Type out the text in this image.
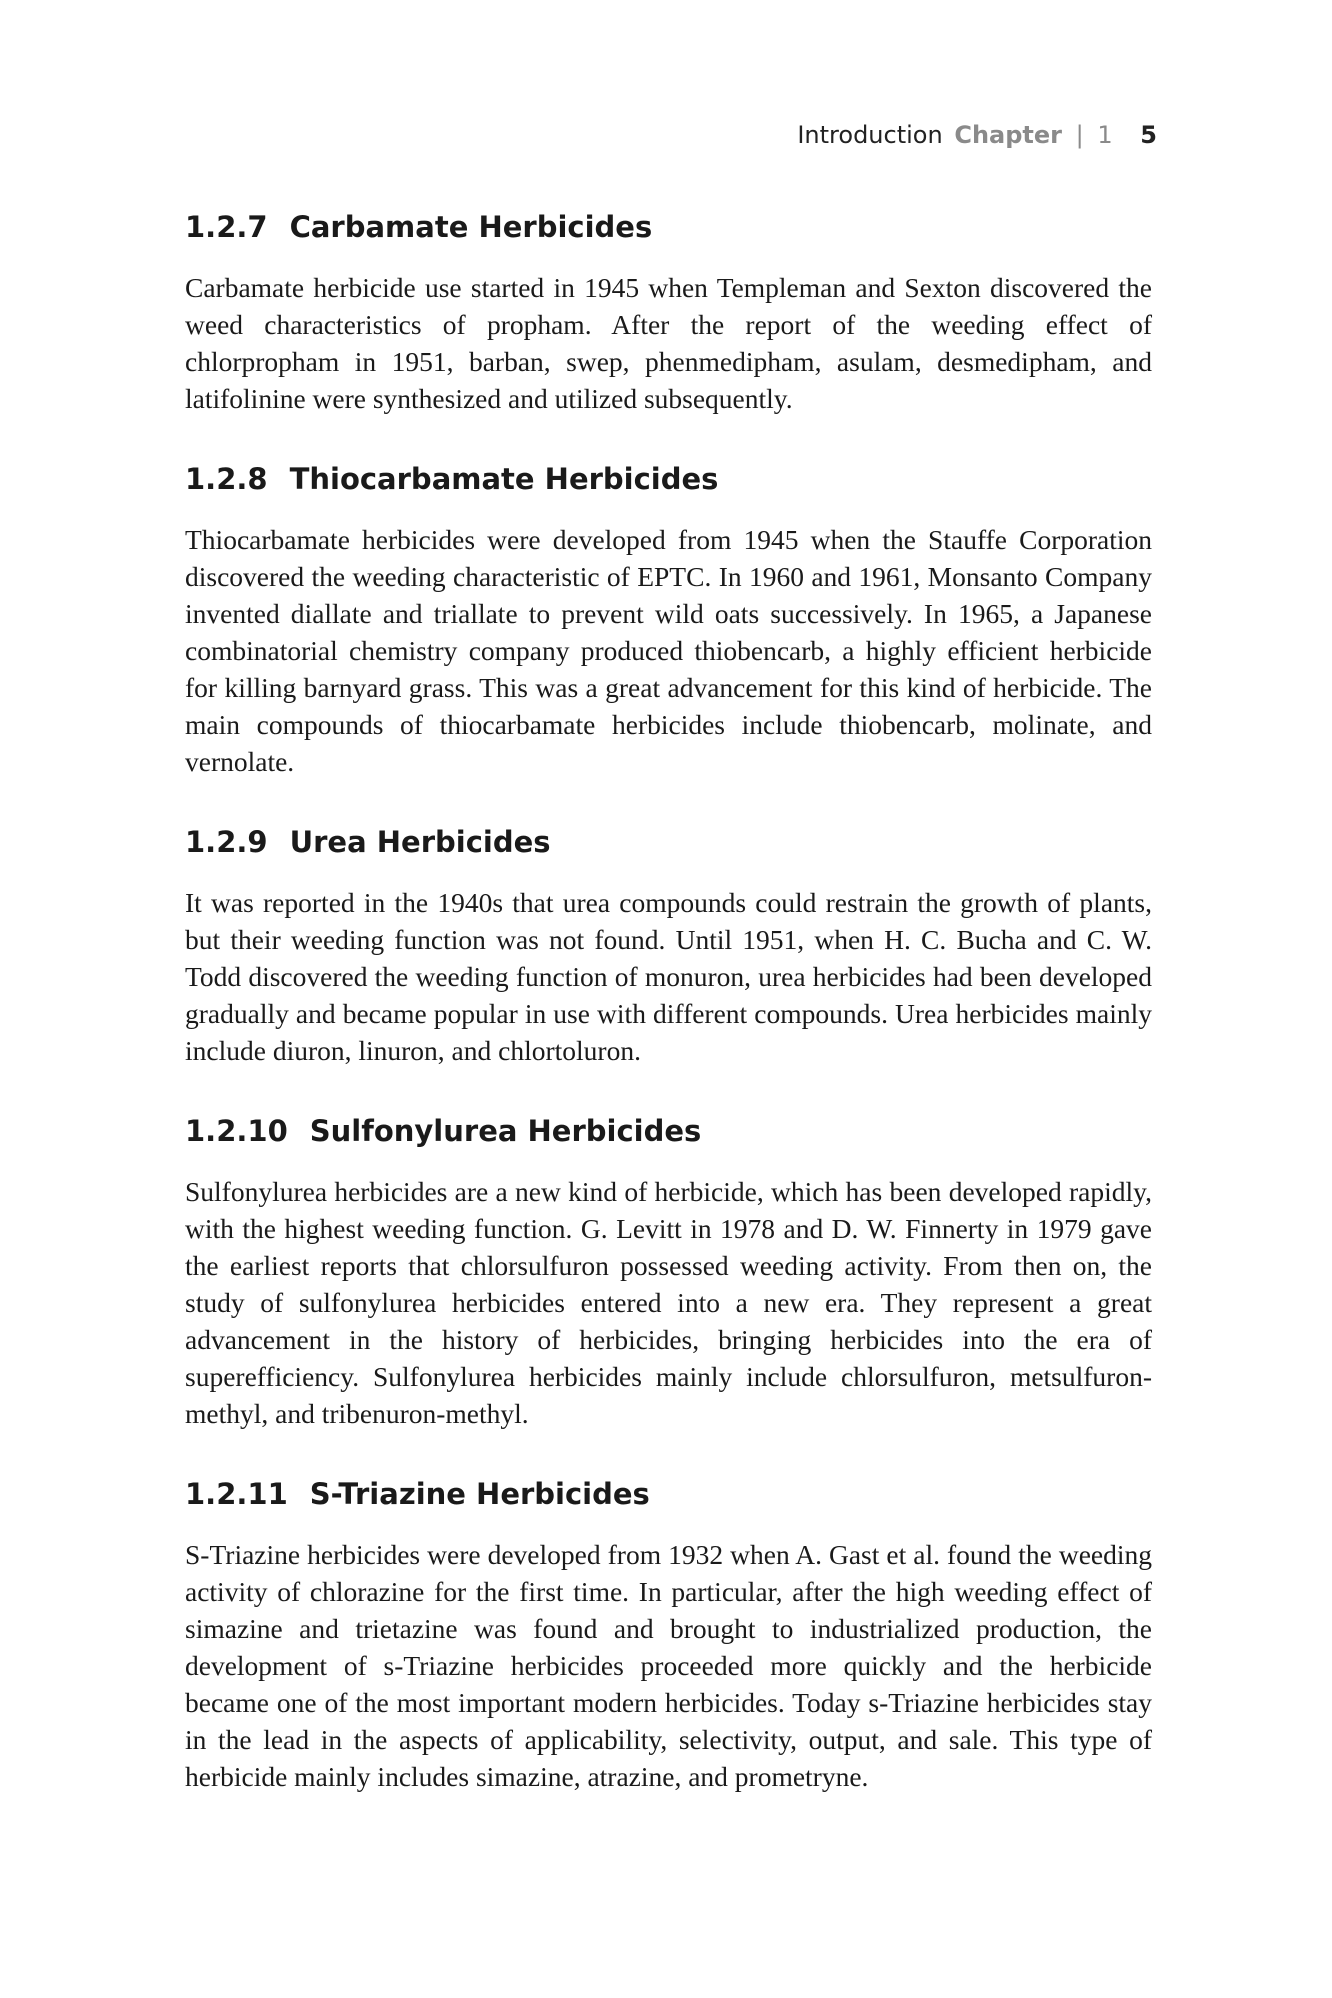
Introduction Chapter | 1 5
1.2.7 Carbamate Herbicides

Carbamate herbicide use started in 1945 when Templeman and Sexton discovered the weed characteristics of propham. After the report of the weeding effect of chlorpropham in 1951, barban, swep, phenmedipham, asulam, desmedipham, and latifolinine were synthesized and utilized subsequently.

1.2.8 Thiocarbamate Herbicides

Thiocarbamate herbicides were developed from 1945 when the Stauffe Corporation discovered the weeding characteristic of EPTC. In 1960 and 1961, Monsanto Company invented diallate and triallate to prevent wild oats successively. In 1965, a Japanese combinatorial chemistry company produced thiobencarb, a highly efficient herbicide for killing barnyard grass. This was a great advancement for this kind of herbicide. The main compounds of thiocarbamate herbicides include thiobencarb, molinate, and vernolate.

1.2.9 Urea Herbicides

It was reported in the 1940s that urea compounds could restrain the growth of plants, but their weeding function was not found. Until 1951, when H. C. Bucha and C. W. Todd discovered the weeding function of monuron, urea herbicides had been developed gradually and became popular in use with different compounds. Urea herbicides mainly include diuron, linuron, and chlortoluron.

1.2.10 Sulfonylurea Herbicides

Sulfonylurea herbicides are a new kind of herbicide, which has been developed rapidly, with the highest weeding function. G. Levitt in 1978 and D. W. Finnerty in 1979 gave the earliest reports that chlorsulfuron possessed weeding activity. From then on, the study of sulfonylurea herbicides entered into a new era. They represent a great advancement in the history of herbicides, bringing herbicides into the era of superefficiency. Sulfonylurea herbicides mainly include chlorsulfuron, metsulfuron-methyl, and tribenuron-methyl.

1.2.11 S-Triazine Herbicides

S-Triazine herbicides were developed from 1932 when A. Gast et al. found the weeding activity of chlorazine for the first time. In particular, after the high weeding effect of simazine and trietazine was found and brought to industrialized production, the development of s-Triazine herbicides proceeded more quickly and the herbicide became one of the most important modern herbicides. Today s-Triazine herbicides stay in the lead in the aspects of applicability, selectivity, output, and sale. This type of herbicide mainly includes simazine, atrazine, and prometryne.
